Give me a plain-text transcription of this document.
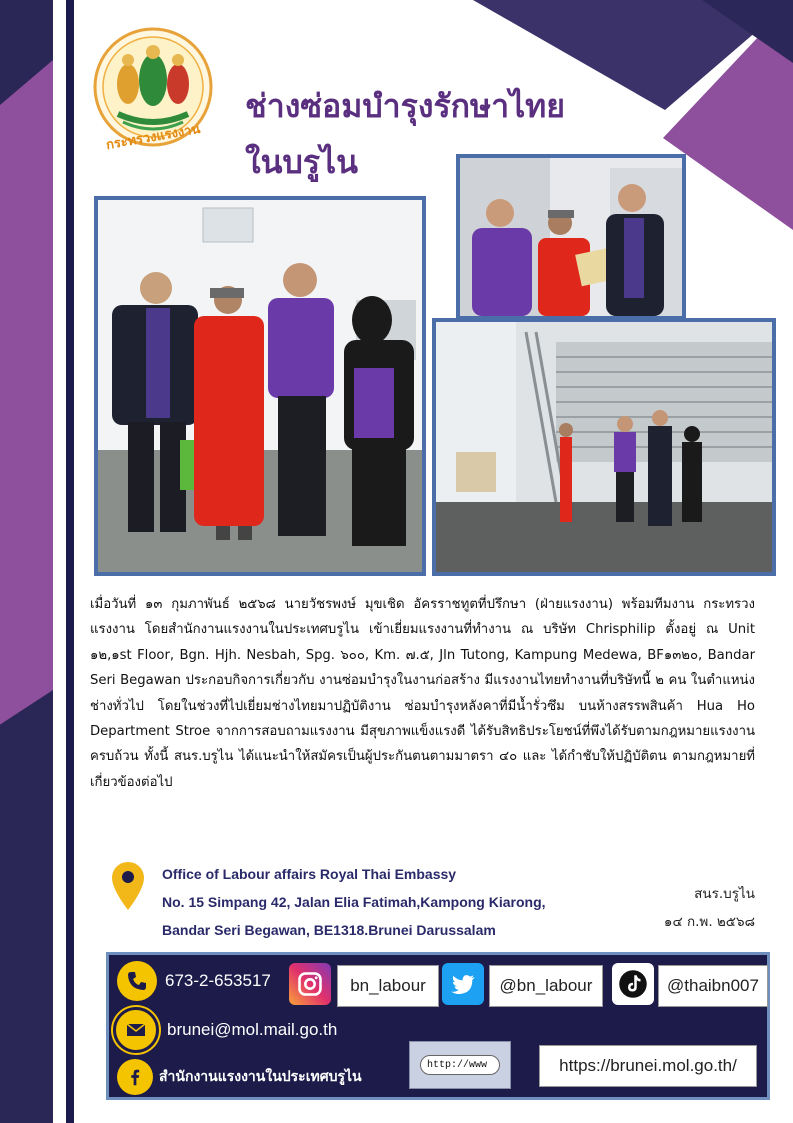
กระทรวงแรงงาน
ช่างซ่อมบำรุงรักษาไทย
ในบรูไน
เมื่อวันที่ ๑๓ กุมภาพันธ์ ๒๕๖๘ นายวัชรพงษ์ มุขเชิด อัครราชทูตที่ปรึกษา (ฝ่ายแรงงาน) พร้อมทีมงาน กระทรวงแรงงาน โดยสำนักงานแรงงานในประเทศบรูไน เข้าเยี่ยมแรงงานที่ทำงาน ณ บริษัท Chrisphilip ตั้งอยู่ ณ Unit ๑๒,๑st Floor, Bgn. Hjh. Nesbah, Spg. ๖๐๐, Km. ๗.๕, Jln Tutong, Kampung Medewa, BF๑๓๒๐, Bandar Seri Begawan ประกอบกิจการเกี่ยวกับ งานซ่อมบำรุงในงานก่อสร้าง มีแรงงานไทยทำงานที่บริษัทนี้ ๒ คน ในตำแหน่ง ช่างทั่วไป โดยในช่วงที่ไปเยี่ยมช่างไทยมาปฏิบัติงาน ซ่อมบำรุงหลังคาที่มีน้ำรั่วซึม บนห้างสรรพสินค้า Hua Ho Department Stroe จากการสอบถามแรงงาน มีสุขภาพแข็งแรงดี ได้รับสิทธิประโยชน์ที่พึงได้รับตามกฎหมายแรงงาน ครบถ้วน ทั้งนี้ สนร.บรูไน ได้แนะนำให้สมัครเป็นผู้ประกันตนตามมาตรา ๔๐ และ ได้กำชับให้ปฏิบัติตน ตามกฎหมายที่เกี่ยวข้องต่อไป
Office of Labour affairs Royal Thai Embassy
No. 15 Simpang 42, Jalan Elia Fatimah,Kampong Kiarong,
Bandar Seri Begawan, BE1318.Brunei Darussalam
สนร.บรูไน
๑๔ ก.พ. ๒๕๖๘
673-2-653517	bn_labour	@bn_labour	@thaibn007
brunei@mol.mail.go.th
สำนักงานแรงงานในประเทศบรูไน
http://www	https://brunei.mol.go.th/
